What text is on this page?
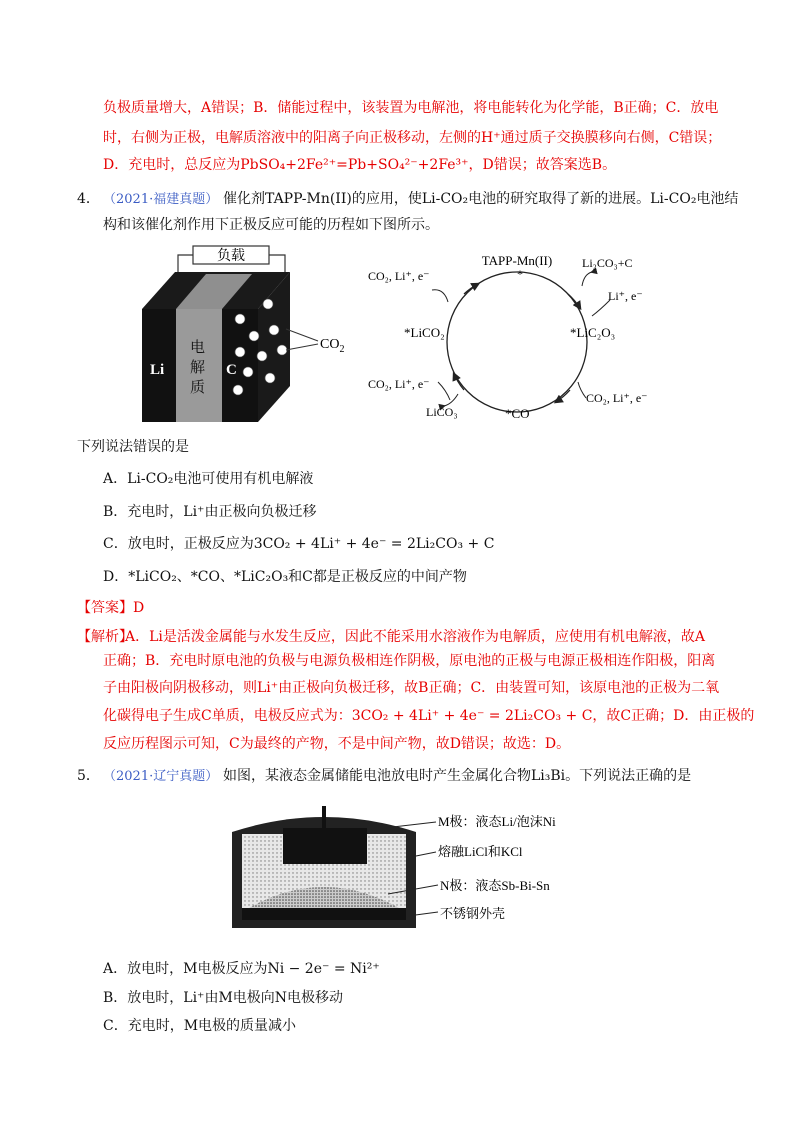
负极质量增大，A错误；B．储能过程中，该装置为电解池，将电能转化为化学能，B正确；C．放电
时，右侧为正极，电解质溶液中的阳离子向正极移动，左侧的H⁺通过质子交换膜移向右侧，C错误；
D．充电时，总反应为PbSO₄+2Fe²⁺=Pb+SO₄²⁻+2Fe³⁺，D错误；故答案选B。
4． （2021·福建真题） 催化剂TAPP-Mn(II)的应用，使Li-CO₂电池的研究取得了新的进展。Li-CO₂电池结
构和该催化剂作用下正极反应可能的历程如下图所示。
负载
$CO_2$
Li
电
解
质
C
TAPP-Mn(II)
*
*LiCO₂	*LiC₂O₃
*CO
CO₂, Li⁺, e⁻
Li₂CO₃+C
Li⁺, e⁻
CO₂, Li⁺, e⁻
LiCO₃
CO₂, Li⁺, e⁻
下列说法错误的是
A．Li-CO₂电池可使用有机电解液
B．充电时，Li⁺由正极向负极迁移
C．放电时，正极反应为3CO₂ + 4Li⁺ + 4e⁻ = 2Li₂CO₃ + C
D．*LiCO₂、*CO、*LiC₂O₃和C都是正极反应的中间产物
【答案】D
【解析】
A．Li是活泼金属能与水发生反应，因此不能采用水溶液作为电解质，应使用有机电解液，故A
正确；B．充电时原电池的负极与电源负极相连作阴极，原电池的正极与电源正极相连作阳极，阳离
子由阳极向阴极移动，则Li⁺由正极向负极迁移，故B正确；C．由装置可知，该原电池的正极为二氧
化碳得电子生成C单质，电极反应式为：3CO₂ + 4Li⁺ + 4e⁻ = 2Li₂CO₃ + C，故C正确；D．由正极的
反应历程图示可知，C为最终的产物，不是中间产物，故D错误；故选：D。
5． （2021·辽宁真题） 如图，某液态金属储能电池放电时产生金属化合物Li₃Bi。下列说法正确的是
M极：液态Li/泡沫Ni
熔融LiCl和KCl
N极：液态Sb-Bi-Sn
不锈钢外壳
A．放电时，M电极反应为Ni − 2e⁻ = Ni²⁺
B．放电时，Li⁺由M电极向N电极移动
C．充电时，M电极的质量减小
